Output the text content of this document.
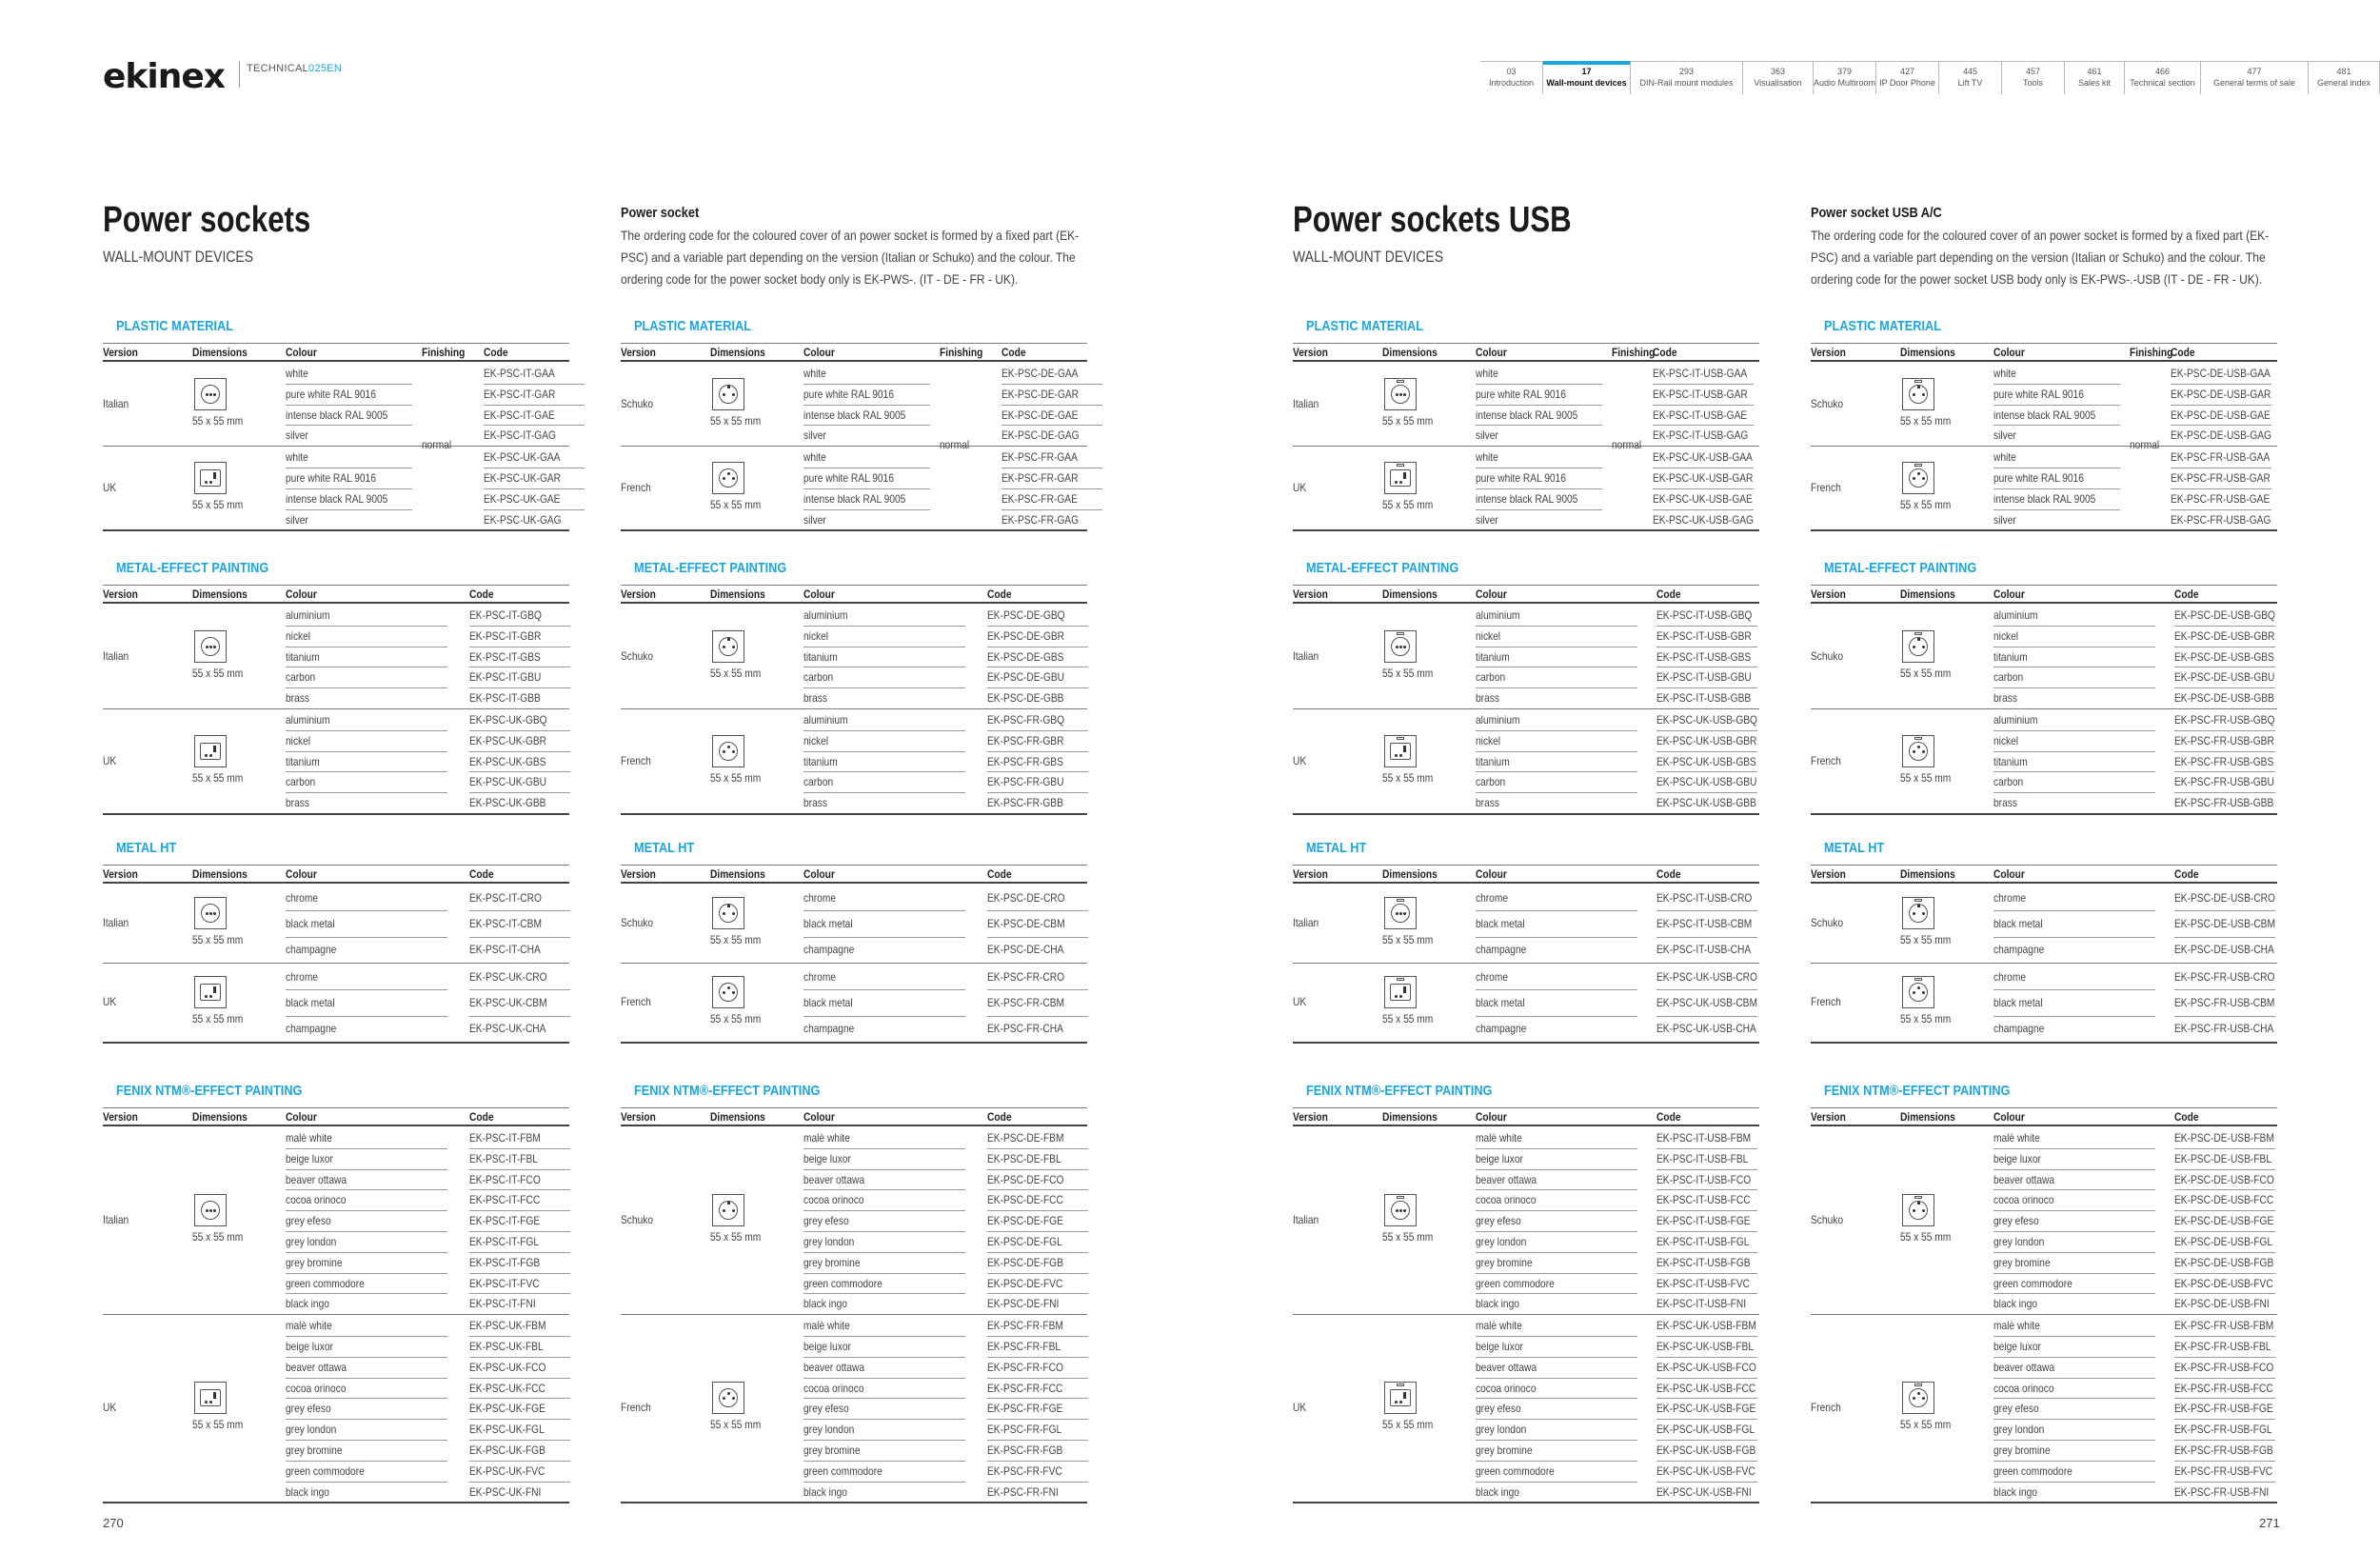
ekinex TECHNICAL025EN	03
Introduction
17
Wall-mount devices
293
DIN-Rail mount modules
363
Visualisation
379
Audio Multiroom
427
IP Door Phone
445
Lift TV
457
Tools
461
Sales kit
466
Technical section
477
General terms of sale
481
General index
Power sockets
WALL-MOUNT DEVICES
Power sockets USB
WALL-MOUNT DEVICES
Power socket
The ordering code for the coloured cover of an power socket is formed by a fixed part (EK-PSC) and a variable part depending on the version (Italian or Schuko) and the colour. The ordering code for the power socket body only is EK-PWS-. (IT - DE - FR - UK).
Power socket USB A/C
The ordering code for the coloured cover of an power socket is formed by a fixed part (EK-PSC) and a variable part depending on the version (Italian or Schuko) and the colour. The ordering code for the power socket USB body only is EK-PWS-.-USB (IT - DE - FR - UK).
PLASTIC MATERIAL
Version	Dimensions	Colour	Finishing Code
Italian
55 x 55 mm
white	EK-PSC-IT-GAA
pure white RAL 9016	EK-PSC-IT-GAR
intense black RAL 9005	EK-PSC-IT-GAE
silver	EK-PSC-IT-GAG
UK
55 x 55 mm
white	EK-PSC-UK-GAA
pure white RAL 9016	EK-PSC-UK-GAR
intense black RAL 9005	EK-PSC-UK-GAE
silver	EK-PSC-UK-GAG
normal
METAL-EFFECT PAINTING
Version	Dimensions	Colour	Code
Italian
55 x 55 mm
aluminium	EK-PSC-IT-GBQ
nickel	EK-PSC-IT-GBR
titanium	EK-PSC-IT-GBS
carbon	EK-PSC-IT-GBU
brass	EK-PSC-IT-GBB
UK
55 x 55 mm
aluminium	EK-PSC-UK-GBQ
nickel	EK-PSC-UK-GBR
titanium	EK-PSC-UK-GBS
carbon	EK-PSC-UK-GBU
brass	EK-PSC-UK-GBB
METAL HT
Version	Dimensions	Colour	Code
Italian
55 x 55 mm
chrome	EK-PSC-IT-CRO
black metal	EK-PSC-IT-CBM
champagne	EK-PSC-IT-CHA
UK
55 x 55 mm
chrome	EK-PSC-UK-CRO
black metal	EK-PSC-UK-CBM
champagne	EK-PSC-UK-CHA
FENIX NTM®-EFFECT PAINTING
Version	Dimensions	Colour	Code
Italian
55 x 55 mm
malè white	EK-PSC-IT-FBM
beige luxor	EK-PSC-IT-FBL
beaver ottawa	EK-PSC-IT-FCO
cocoa orinoco	EK-PSC-IT-FCC
grey efeso	EK-PSC-IT-FGE
grey london	EK-PSC-IT-FGL
grey bromine	EK-PSC-IT-FGB
green commodore	EK-PSC-IT-FVC
black ingo	EK-PSC-IT-FNI
UK
55 x 55 mm
malè white	EK-PSC-UK-FBM
beige luxor	EK-PSC-UK-FBL
beaver ottawa	EK-PSC-UK-FCO
cocoa orinoco	EK-PSC-UK-FCC
grey efeso	EK-PSC-UK-FGE
grey london	EK-PSC-UK-FGL
grey bromine	EK-PSC-UK-FGB
green commodore	EK-PSC-UK-FVC
black ingo	EK-PSC-UK-FNI
PLASTIC MATERIAL
Version	Dimensions	Colour	Finishing Code
Schuko
55 x 55 mm
white	EK-PSC-DE-GAA
pure white RAL 9016	EK-PSC-DE-GAR
intense black RAL 9005	EK-PSC-DE-GAE
silver	EK-PSC-DE-GAG
French
55 x 55 mm
white	EK-PSC-FR-GAA
pure white RAL 9016	EK-PSC-FR-GAR
intense black RAL 9005	EK-PSC-FR-GAE
silver	EK-PSC-FR-GAG
normal
METAL-EFFECT PAINTING
Version	Dimensions	Colour	Code
Schuko
55 x 55 mm
aluminium	EK-PSC-DE-GBQ
nickel	EK-PSC-DE-GBR
titanium	EK-PSC-DE-GBS
carbon	EK-PSC-DE-GBU
brass	EK-PSC-DE-GBB
French
55 x 55 mm
aluminium	EK-PSC-FR-GBQ
nickel	EK-PSC-FR-GBR
titanium	EK-PSC-FR-GBS
carbon	EK-PSC-FR-GBU
brass	EK-PSC-FR-GBB
METAL HT
Version	Dimensions	Colour	Code
Schuko
55 x 55 mm
chrome	EK-PSC-DE-CRO
black metal	EK-PSC-DE-CBM
champagne	EK-PSC-DE-CHA
French
55 x 55 mm
chrome	EK-PSC-FR-CRO
black metal	EK-PSC-FR-CBM
champagne	EK-PSC-FR-CHA
FENIX NTM®-EFFECT PAINTING
Version	Dimensions	Colour	Code
Schuko
55 x 55 mm
malè white	EK-PSC-DE-FBM
beige luxor	EK-PSC-DE-FBL
beaver ottawa	EK-PSC-DE-FCO
cocoa orinoco	EK-PSC-DE-FCC
grey efeso	EK-PSC-DE-FGE
grey london	EK-PSC-DE-FGL
grey bromine	EK-PSC-DE-FGB
green commodore	EK-PSC-DE-FVC
black ingo	EK-PSC-DE-FNI
French
55 x 55 mm
malè white	EK-PSC-FR-FBM
beige luxor	EK-PSC-FR-FBL
beaver ottawa	EK-PSC-FR-FCO
cocoa orinoco	EK-PSC-FR-FCC
grey efeso	EK-PSC-FR-FGE
grey london	EK-PSC-FR-FGL
grey bromine	EK-PSC-FR-FGB
green commodore	EK-PSC-FR-FVC
black ingo	EK-PSC-FR-FNI
PLASTIC MATERIAL
Version	Dimensions	Colour	Finishing
Code
Italian
55 x 55 mm
white	EK-PSC-IT-USB-GAA
pure white RAL 9016	EK-PSC-IT-USB-GAR
intense black RAL 9005	EK-PSC-IT-USB-GAE
silver	EK-PSC-IT-USB-GAG
UK
55 x 55 mm
white	EK-PSC-UK-USB-GAA
pure white RAL 9016	EK-PSC-UK-USB-GAR
intense black RAL 9005	EK-PSC-UK-USB-GAE
silver	EK-PSC-UK-USB-GAG
normal
METAL-EFFECT PAINTING
Version	Dimensions	Colour	Code
Italian
55 x 55 mm
aluminium	EK-PSC-IT-USB-GBQ
nickel	EK-PSC-IT-USB-GBR
titanium	EK-PSC-IT-USB-GBS
carbon	EK-PSC-IT-USB-GBU
brass	EK-PSC-IT-USB-GBB
UK
55 x 55 mm
aluminium	EK-PSC-UK-USB-GBQ
nickel	EK-PSC-UK-USB-GBR
titanium	EK-PSC-UK-USB-GBS
carbon	EK-PSC-UK-USB-GBU
brass	EK-PSC-UK-USB-GBB
METAL HT
Version	Dimensions	Colour	Code
Italian
55 x 55 mm
chrome	EK-PSC-IT-USB-CRO
black metal	EK-PSC-IT-USB-CBM
champagne	EK-PSC-IT-USB-CHA
UK
55 x 55 mm
chrome	EK-PSC-UK-USB-CRO
black metal	EK-PSC-UK-USB-CBM
champagne	EK-PSC-UK-USB-CHA
FENIX NTM®-EFFECT PAINTING
Version	Dimensions	Colour	Code
Italian
55 x 55 mm
malè white	EK-PSC-IT-USB-FBM
beige luxor	EK-PSC-IT-USB-FBL
beaver ottawa	EK-PSC-IT-USB-FCO
cocoa orinoco	EK-PSC-IT-USB-FCC
grey efeso	EK-PSC-IT-USB-FGE
grey london	EK-PSC-IT-USB-FGL
grey bromine	EK-PSC-IT-USB-FGB
green commodore	EK-PSC-IT-USB-FVC
black ingo	EK-PSC-IT-USB-FNI
UK
55 x 55 mm
malè white	EK-PSC-UK-USB-FBM
beige luxor	EK-PSC-UK-USB-FBL
beaver ottawa	EK-PSC-UK-USB-FCO
cocoa orinoco	EK-PSC-UK-USB-FCC
grey efeso	EK-PSC-UK-USB-FGE
grey london	EK-PSC-UK-USB-FGL
grey bromine	EK-PSC-UK-USB-FGB
green commodore	EK-PSC-UK-USB-FVC
black ingo	EK-PSC-UK-USB-FNI
PLASTIC MATERIAL
Version	Dimensions	Colour	Finishing
Code
Schuko
55 x 55 mm
white	EK-PSC-DE-USB-GAA
pure white RAL 9016	EK-PSC-DE-USB-GAR
intense black RAL 9005	EK-PSC-DE-USB-GAE
silver	EK-PSC-DE-USB-GAG
French
55 x 55 mm
white	EK-PSC-FR-USB-GAA
pure white RAL 9016	EK-PSC-FR-USB-GAR
intense black RAL 9005	EK-PSC-FR-USB-GAE
silver	EK-PSC-FR-USB-GAG
normal
METAL-EFFECT PAINTING
Version	Dimensions	Colour	Code
Schuko
55 x 55 mm
aluminium	EK-PSC-DE-USB-GBQ
nickel	EK-PSC-DE-USB-GBR
titanium	EK-PSC-DE-USB-GBS
carbon	EK-PSC-DE-USB-GBU
brass	EK-PSC-DE-USB-GBB
French
55 x 55 mm
aluminium	EK-PSC-FR-USB-GBQ
nickel	EK-PSC-FR-USB-GBR
titanium	EK-PSC-FR-USB-GBS
carbon	EK-PSC-FR-USB-GBU
brass	EK-PSC-FR-USB-GBB
METAL HT
Version	Dimensions	Colour	Code
Schuko
55 x 55 mm
chrome	EK-PSC-DE-USB-CRO
black metal	EK-PSC-DE-USB-CBM
champagne	EK-PSC-DE-USB-CHA
French
55 x 55 mm
chrome	EK-PSC-FR-USB-CRO
black metal	EK-PSC-FR-USB-CBM
champagne	EK-PSC-FR-USB-CHA
FENIX NTM®-EFFECT PAINTING
Version	Dimensions	Colour	Code
Schuko
55 x 55 mm
malè white	EK-PSC-DE-USB-FBM
beige luxor	EK-PSC-DE-USB-FBL
beaver ottawa	EK-PSC-DE-USB-FCO
cocoa orinoco	EK-PSC-DE-USB-FCC
grey efeso	EK-PSC-DE-USB-FGE
grey london	EK-PSC-DE-USB-FGL
grey bromine	EK-PSC-DE-USB-FGB
green commodore	EK-PSC-DE-USB-FVC
black ingo	EK-PSC-DE-USB-FNI
French
55 x 55 mm
malè white	EK-PSC-FR-USB-FBM
beige luxor	EK-PSC-FR-USB-FBL
beaver ottawa	EK-PSC-FR-USB-FCO
cocoa orinoco	EK-PSC-FR-USB-FCC
grey efeso	EK-PSC-FR-USB-FGE
grey london	EK-PSC-FR-USB-FGL
grey bromine	EK-PSC-FR-USB-FGB
green commodore	EK-PSC-FR-USB-FVC
black ingo	EK-PSC-FR-USB-FNI
270	271
